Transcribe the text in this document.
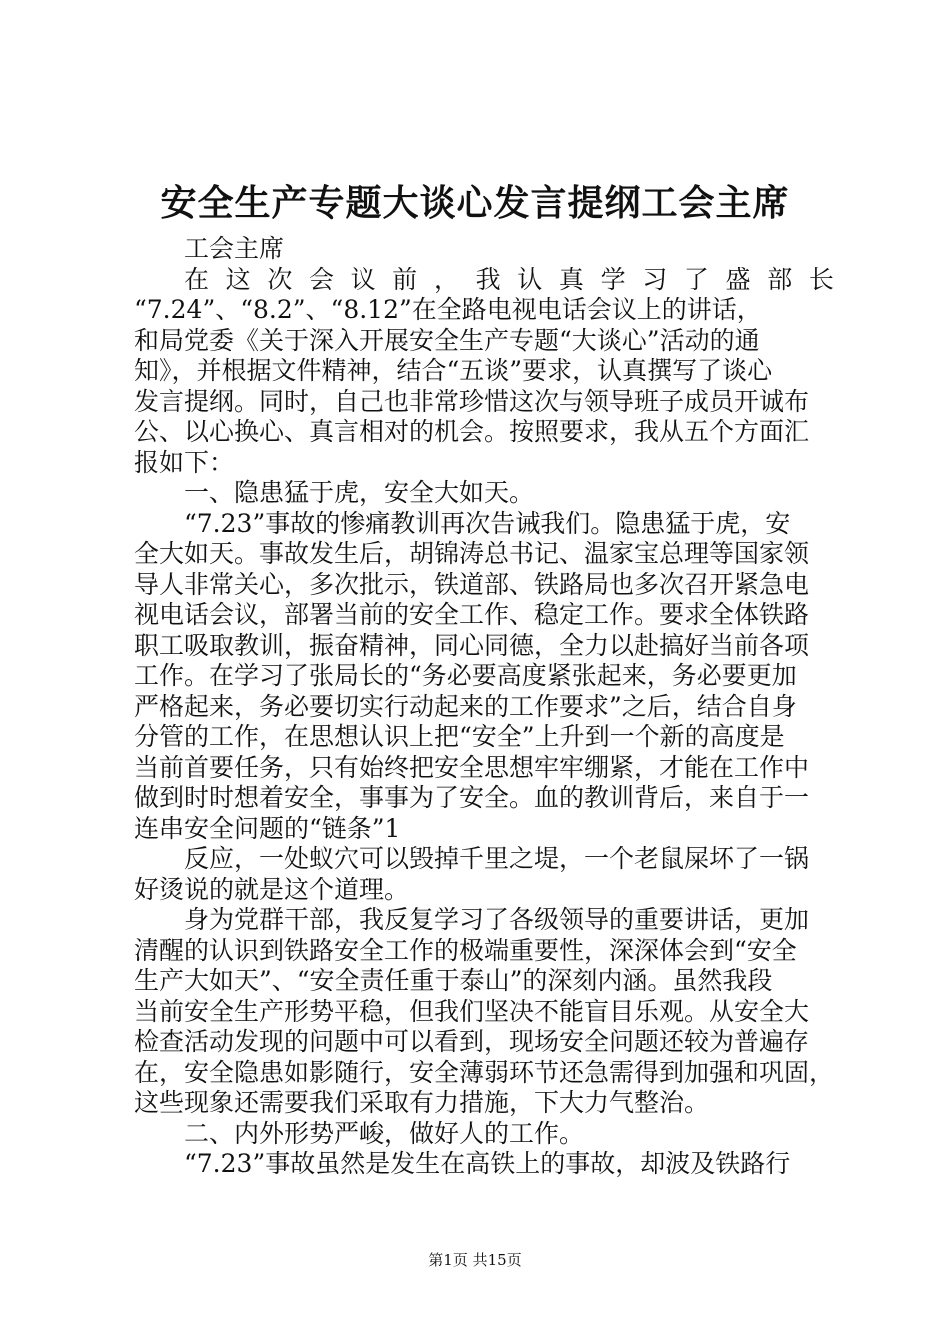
安全生产专题大谈心发言提纲工会主席
工会主席
在 这 次 会 议 前 ， 我 认 真 学 习 了 盛 部 长
“7.24”、“8.2”、“8.12”在全路电视电话会议上的讲话，
和局党委《关于深入开展安全生产专题“大谈心”活动的通
知》，并根据文件精神，结合“五谈”要求，认真撰写了谈心
发言提纲。同时，自己也非常珍惜这次与领导班子成员开诚布
公、以心换心、真言相对的机会。按照要求，我从五个方面汇
报如下：
一、隐患猛于虎，安全大如天。
“7.23”事故的惨痛教训再次告诫我们。隐患猛于虎，安
全大如天。事故发生后，胡锦涛总书记、温家宝总理等国家领
导人非常关心，多次批示，铁道部、铁路局也多次召开紧急电
视电话会议，部署当前的安全工作、稳定工作。要求全体铁路
职工吸取教训，振奋精神，同心同德，全力以赴搞好当前各项
工作。在学习了张局长的“务必要高度紧张起来，务必要更加
严格起来，务必要切实行动起来的工作要求”之后，结合自身
分管的工作，在思想认识上把“安全”上升到一个新的高度是
当前首要任务，只有始终把安全思想牢牢绷紧，才能在工作中
做到时时想着安全，事事为了安全。血的教训背后，来自于一
连串安全问题的“链条”1
反应，一处蚁穴可以毁掉千里之堤，一个老鼠屎坏了一锅
好烫说的就是这个道理。
身为党群干部，我反复学习了各级领导的重要讲话，更加
清醒的认识到铁路安全工作的极端重要性，深深体会到“安全
生产大如天”、“安全责任重于泰山”的深刻内涵。虽然我段
当前安全生产形势平稳，但我们坚决不能盲目乐观。从安全大
检查活动发现的问题中可以看到，现场安全问题还较为普遍存
在，安全隐患如影随行，安全薄弱环节还急需得到加强和巩固，
这些现象还需要我们采取有力措施，下大力气整治。
二、内外形势严峻，做好人的工作。
“7.23”事故虽然是发生在高铁上的事故，却波及铁路行
第1页 共15页
